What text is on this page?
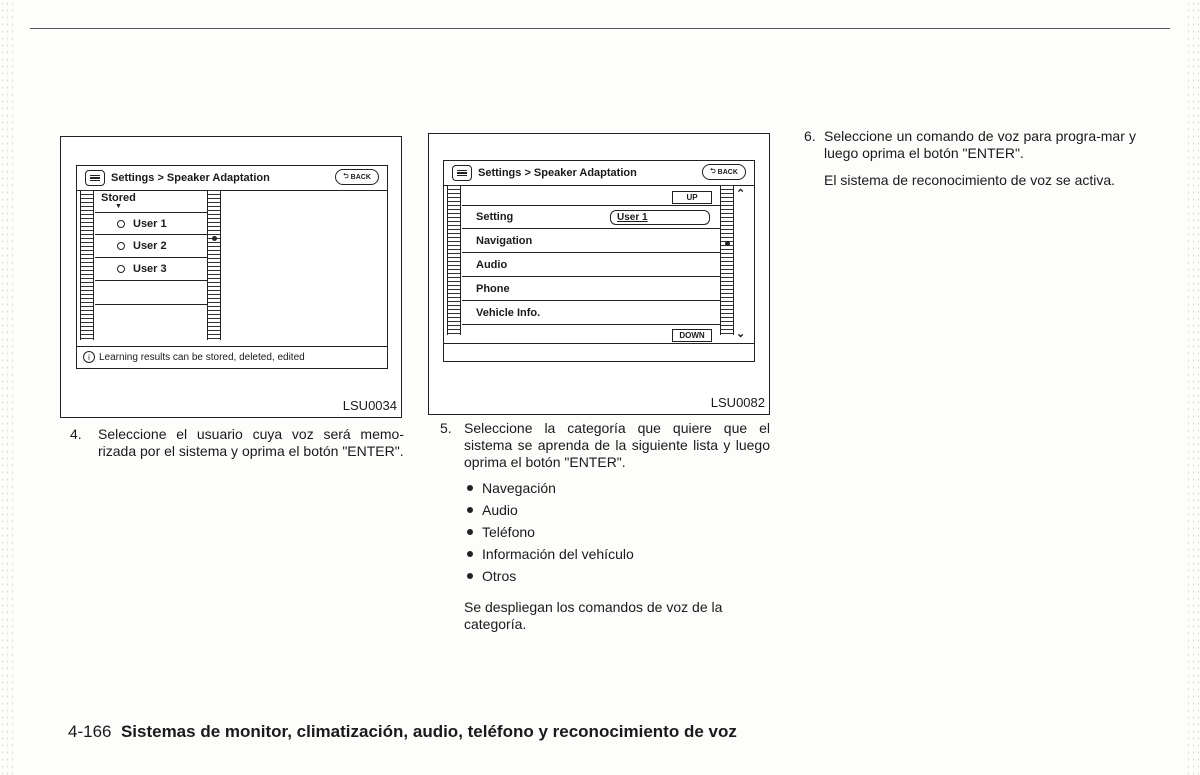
Settings > Speaker Adaptation	⮌ BACK
Stored
▼
User 1
User 2
User 3
i Learning results can be stored, deleted, edited
LSU0034
Settings > Speaker Adaptation	⮌ BACK
UP	⌃
Setting	User 1
Navigation
Audio
Phone
Vehicle Info.
DOWN	⌄
LSU0082
4. Seleccione el usuario cuya voz será memo-rizada por el sistema y oprima el botón "ENTER".
5. Seleccione la categoría que quiere que el sistema se aprenda de la siguiente lista y luego oprima el botón "ENTER".
Navegación
Audio
Teléfono
Información del vehículo
Otros
Se despliegan los comandos de voz de la categoría.
6. Seleccione un comando de voz para progra-mar y luego oprima el botón "ENTER".
El sistema de reconocimiento de voz se activa.
4-166 Sistemas de monitor, climatización, audio, teléfono y reconocimiento de voz
